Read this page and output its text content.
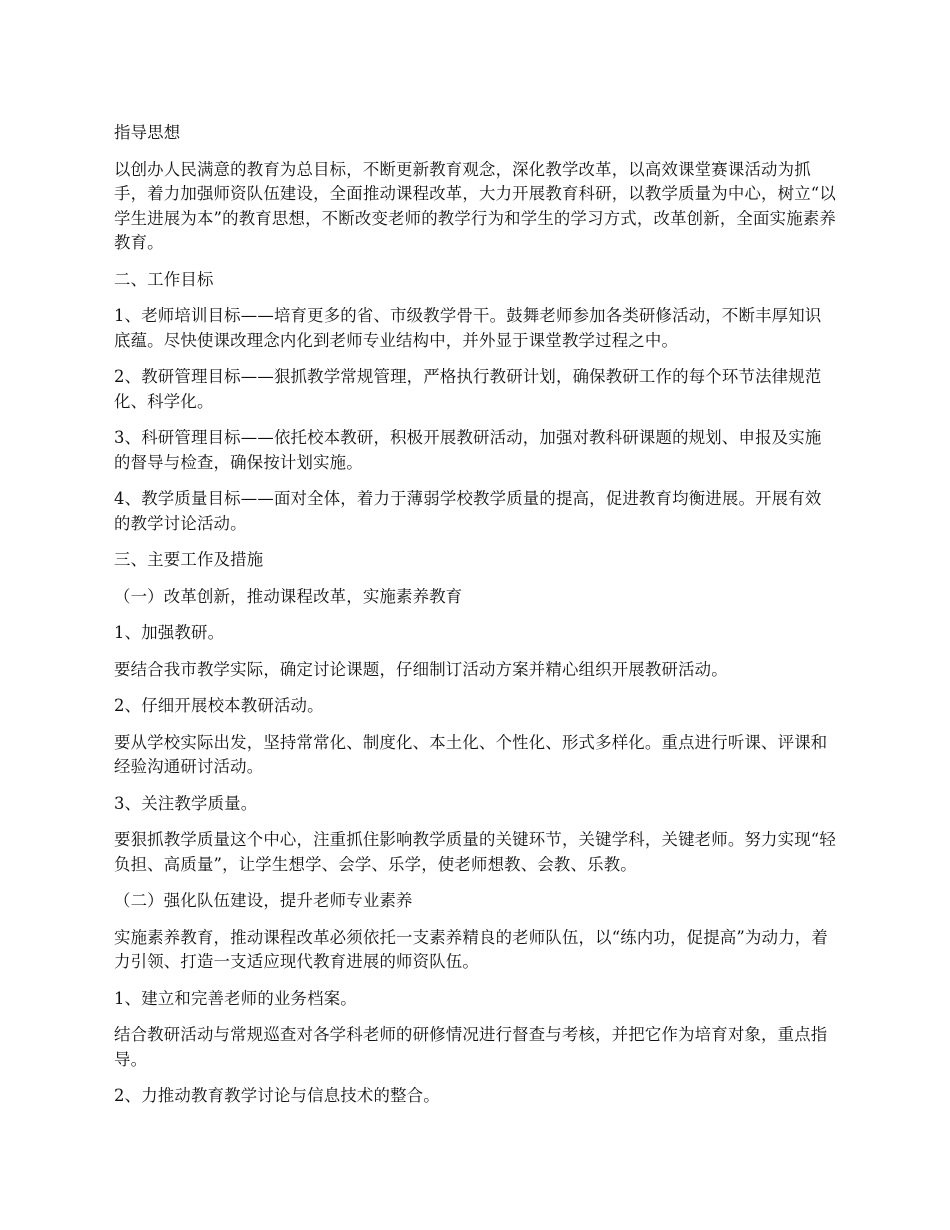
指导思想

以创办人民满意的教育为总目标，不断更新教育观念，深化教学改革，以高效课堂赛课活动为抓手，着力加强师资队伍建设，全面推动课程改革，大力开展教育科研，以教学质量为中心，树立“以学生进展为本”的教育思想，不断改变老师的教学行为和学生的学习方式，改革创新，全面实施素养教育。

二、工作目标

1、老师培训目标——培育更多的省、市级教学骨干。鼓舞老师参加各类研修活动，不断丰厚知识底蕴。尽快使课改理念内化到老师专业结构中，并外显于课堂教学过程之中。

2、教研管理目标——狠抓教学常规管理，严格执行教研计划，确保教研工作的每个环节法律规范化、科学化。

3、科研管理目标——依托校本教研，积极开展教研活动，加强对教科研课题的规划、申报及实施的督导与检查，确保按计划实施。

4、教学质量目标——面对全体，着力于薄弱学校教学质量的提高，促进教育均衡进展。开展有效的教学讨论活动。

三、主要工作及措施

（一）改革创新，推动课程改革，实施素养教育

1、加强教研。

要结合我市教学实际，确定讨论课题，仔细制订活动方案并精心组织开展教研活动。

2、仔细开展校本教研活动。

要从学校实际出发，坚持常常化、制度化、本土化、个性化、形式多样化。重点进行听课、评课和经验沟通研讨活动。

3、关注教学质量。

要狠抓教学质量这个中心，注重抓住影响教学质量的关键环节，关键学科，关键老师。努力实现“轻负担、高质量”，让学生想学、会学、乐学，使老师想教、会教、乐教。

（二）强化队伍建设，提升老师专业素养

实施素养教育，推动课程改革必须依托一支素养精良的老师队伍，以“练内功，促提高”为动力，着力引领、打造一支适应现代教育进展的师资队伍。

1、建立和完善老师的业务档案。

结合教研活动与常规巡查对各学科老师的研修情况进行督查与考核，并把它作为培育对象，重点指导。

2、力推动教育教学讨论与信息技术的整合。
